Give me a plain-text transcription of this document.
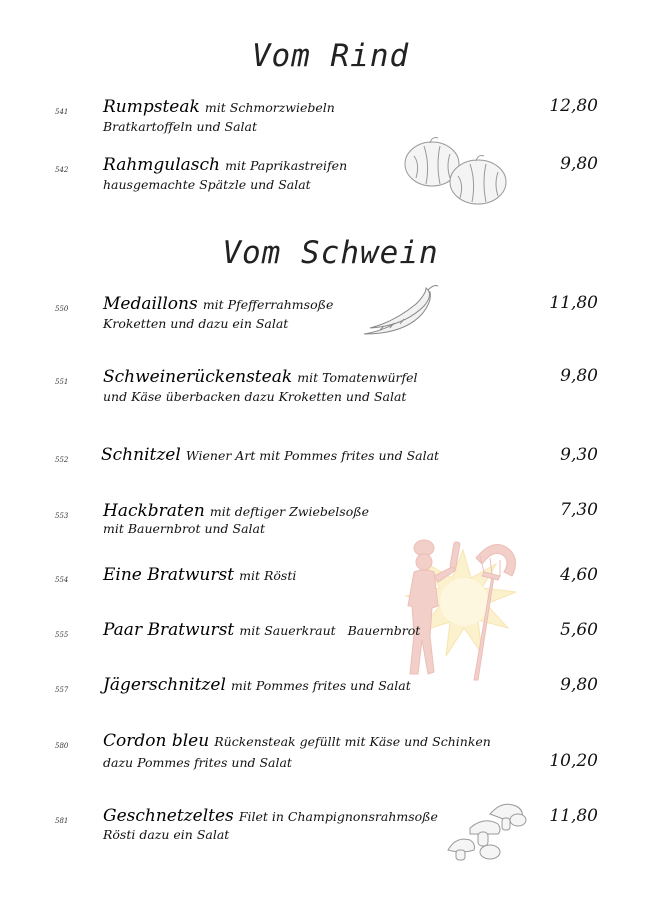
Vom Rind
541 Rumpsteak mit Schmorzwiebeln
Bratkartoffeln und Salat
12,80
542 Rahmgulasch mit Paprikastreifen
hausgemachte Spätzle und Salat
9,80
Vom Schwein
550 Medaillons mit Pfefferrahmsoße
Kroketten und dazu ein Salat
11,80
551 Schweinerückensteak mit Tomatenwürfel
und Käse überbacken dazu Kroketten und Salat
9,80
552 Schnitzel Wiener Art mit Pommes frites und Salat	9,30
553 Hackbraten mit deftiger Zwiebelsoße
mit Bauernbrot und Salat
7,30
554 Eine Bratwurst mit Rösti	4,60
555 Paar Bratwurst mit Sauerkraut   Bauernbrot	5,60
557 Jägerschnitzel mit Pommes frites und Salat	9,80
580 Cordon bleu Rückensteak gefüllt mit Käse und Schinken
dazu Pommes frites und Salat	10,20
581 Geschnetzeltes Filet in Champignonsrahmsoße
Rösti dazu ein Salat
11,80
